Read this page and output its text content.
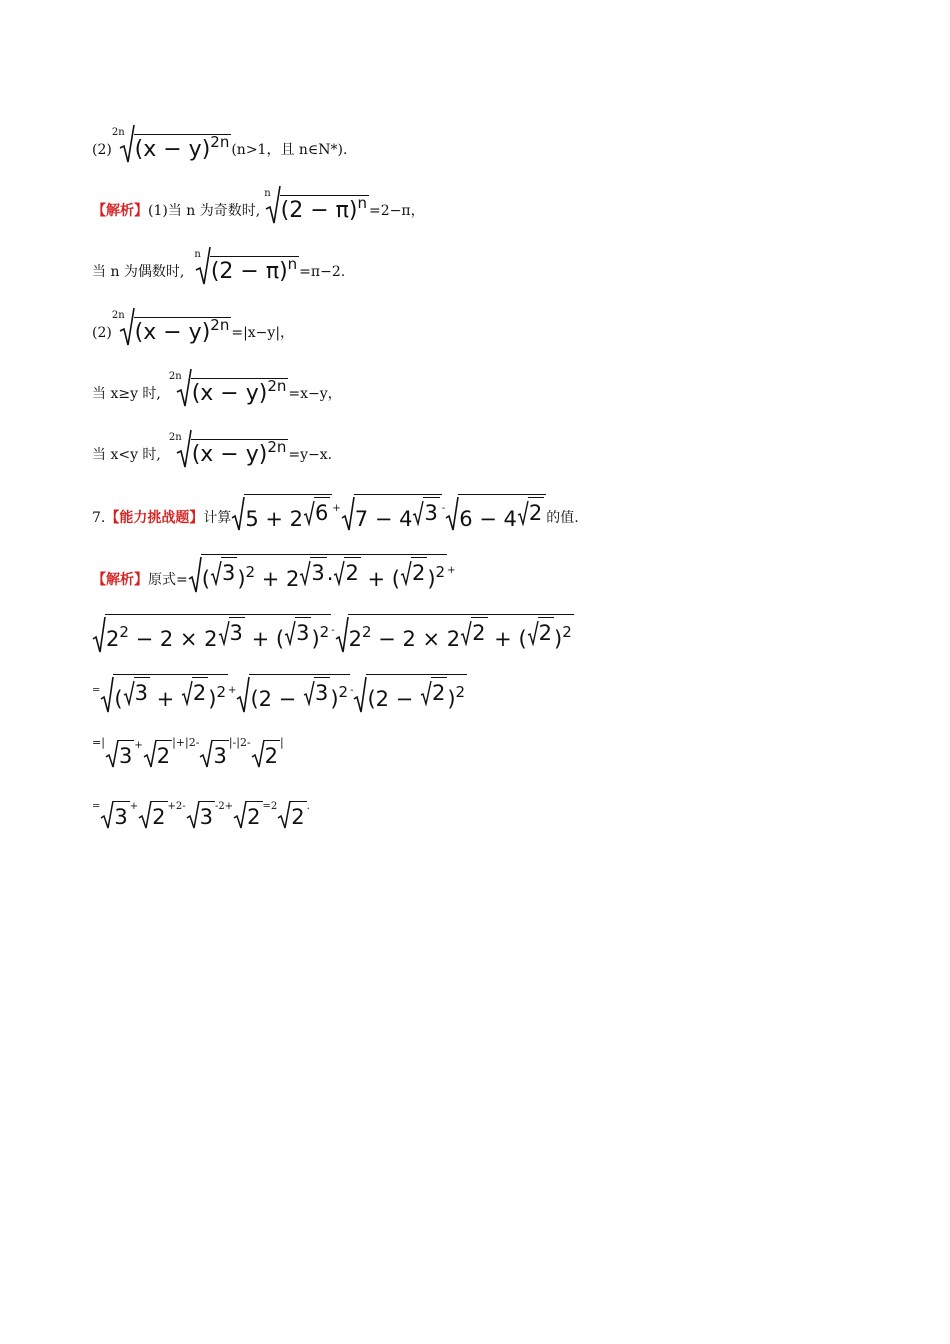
(2)
2n
$(x - y)^{2n}$ (n>1，且 n∈N*).
【解析】 (1)当 n 为奇数时,
n
$(2 - \pi)^n =2-\pi$，
当 n 为偶数时,
n
$(2 - \pi)^n =\pi-2$.
(2)
2n
$(x - y)^{2n} =|x-y|$，
当 x≥y 时,
2n
$(x - y)^{2n} =x-y$，
当 x<y 时,
2n
$(x - y)^{2n} =y-x$.
7. 【能力挑战题】 计算 5 + 2 6 + 7 − 4 3 - 6 − 4 2 的值.
【解析】 原式= ( 3 )$^2$ + 2 3 · 2 + ( 2 )$^2$ +
$2^2 - 2 \times 2$ 3 + ( 3 )$^2 - 2^2 - 2 \times 2$ 2 + ( 2 )$^2$
= ( 3 + 2 )$^2$ + (2 − 3 )$^2$ - (2 − 2 )$^2$
=|
3 + 2
|+|2-
3
|-|2-
2
|
= 3 + 2 +2- 3 -2+ 2 =2 2 .
